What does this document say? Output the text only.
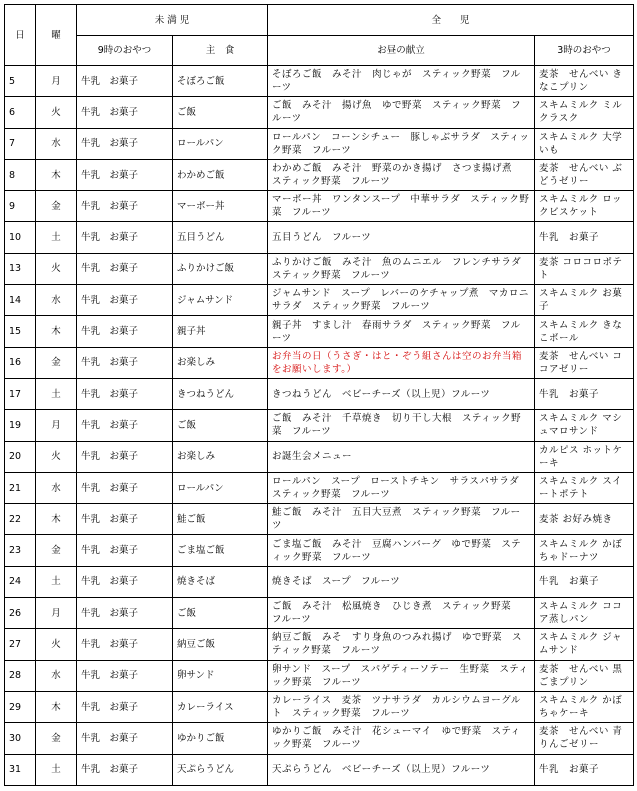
日	曜	未 満 児		全　　児	
		9時のおやつ	主　食	お昼の献立	3時のおやつ
5	月	牛乳　お菓子	そぼろご飯	そぼろご飯　みそ汁　肉じゃが　スティック野菜　フルーツ	麦茶　せんべい きなこプリン
6	火	牛乳　お菓子	ご飯	ご飯　みそ汁　揚げ魚　ゆで野菜　スティック野菜　フルーツ	スキムミルク ミルクラスク
7	水	牛乳　お菓子	ロールパン	ロールパン　コーンシチュー　豚しゃぶサラダ　スティック野菜　フルーツ	スキムミルク 大学いも
8	木	牛乳　お菓子	わかめご飯	わかめご飯　みそ汁　野菜のかき揚げ　さつま揚げ煮　スティック野菜　フルーツ	麦茶　せんべい ぶどうゼリー
9	金	牛乳　お菓子	マーボー丼	マーボー丼　ワンタンスープ　中華サラダ　スティック野菜　フルーツ	スキムミルク ロックビスケット
10	土	牛乳　お菓子	五目うどん	五目うどん　フルーツ	牛乳　お菓子
13	火	牛乳　お菓子	ふりかけご飯	ふりかけご飯　みそ汁　魚のムニエル　フレンチサラダ　スティック野菜　フルーツ	麦茶 コロコロポテト
14	水	牛乳　お菓子	ジャムサンド	ジャムサンド　スープ　レバーのケチャップ煮　マカロニサラダ　スティック野菜　フルーツ	スキムミルク お菓子
15	木	牛乳　お菓子	親子丼	親子丼　すまし汁　春雨サラダ　スティック野菜　フルーツ	スキムミルク きなこボール
16	金	牛乳　お菓子	お楽しみ	お弁当の日（うさぎ・はと・ぞう組さんは空のお弁当箱をお願いします。）	麦茶　せんべい ココアゼリー
17	土	牛乳　お菓子	きつねうどん	きつねうどん　ベビーチーズ（以上児）フルーツ	牛乳　お菓子
19	月	牛乳　お菓子	ご飯	ご飯　みそ汁　千草焼き　切り干し大根　スティック野菜　フルーツ	スキムミルク マシュマロサンド
20	火	牛乳　お菓子	お楽しみ	お誕生会メニュー	カルピス ホットケーキ
21	水	牛乳　お菓子	ロールパン	ロールパン　スープ　ローストチキン　サラスパサラダ　スティック野菜　フルーツ	スキムミルク スイートポテト
22	木	牛乳　お菓子	鮭ご飯	鮭ご飯　みそ汁　五目大豆煮　スティック野菜　フルーツ	麦茶 お好み焼き
23	金	牛乳　お菓子	ごま塩ご飯	ごま塩ご飯　みそ汁　豆腐ハンバーグ　ゆで野菜　スティック野菜　フルーツ	スキムミルク かぼちゃドーナツ
24	土	牛乳　お菓子	焼きそば	焼きそば　スープ　フルーツ	牛乳　お菓子
26	月	牛乳　お菓子	ご飯	ご飯　みそ汁　松風焼き　ひじき煮　スティック野菜　フルーツ	スキムミルク ココア蒸しパン
27	火	牛乳　お菓子	納豆ご飯	納豆ご飯　みそ　すり身魚のつみれ揚げ　ゆで野菜　スティック野菜　フルーツ	スキムミルク ジャムサンド
28	水	牛乳　お菓子	卵サンド	卵サンド　スープ　スパゲティーソテー　生野菜　スティック野菜　フルーツ	麦茶　せんべい 黒ごまプリン
29	木	牛乳　お菓子	カレーライス	カレーライス　麦茶　ツナサラダ　カルシウムヨーグルト　スティック野菜　フルーツ	スキムミルク かぼちゃケーキ
30	金	牛乳　お菓子	ゆかりご飯	ゆかりご飯　みそ汁　花シューマイ　ゆで野菜　スティック野菜　フルーツ	麦茶　せんべい 青りんごゼリー
31	土	牛乳　お菓子	天ぷらうどん	天ぷらうどん　ベビーチーズ（以上児）フルーツ	牛乳　お菓子
